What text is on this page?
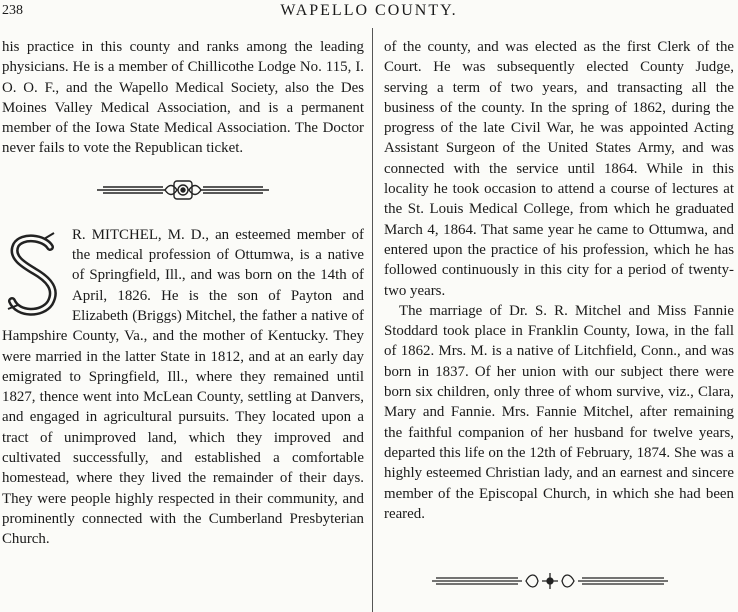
238	WAPELLO COUNTY.

his practice in this county and ranks among the leading physicians. He is a member of Chillicothe Lodge No. 115, I. O. O. F., and the Wapello Medical Society, also the Des Moines Valley Medical Association, and is a permanent member of the Iowa State Medical Association. The Doctor never fails to vote the Republican ticket.

R. MITCHEL, M. D., an esteemed member of the medical profession of Ottumwa, is a native of Springfield, Ill., and was born on the 14th of April, 1826. He is the son of Payton and Elizabeth (Briggs) Mitchel, the father a native of Hampshire County, Va., and the mother of Kentucky. They were married in the latter State in 1812, and at an early day emigrated to Springfield, Ill., where they remained until 1827, thence went into McLean County, settling at Danvers, and engaged in agricultural pursuits. They located upon a tract of unimproved land, which they improved and cultivated successfully, and established a comfortable homestead, where they lived the remainder of their days. They were people highly respected in their community, and prominently connected with the Cumberland Presbyterian Church.

of the county, and was elected as the first Clerk of the Court. He was subsequently elected County Judge, serving a term of two years, and transacting all the business of the county. In the spring of 1862, during the progress of the late Civil War, he was appointed Acting Assistant Surgeon of the United States Army, and was connected with the service until 1864. While in this locality he took occasion to attend a course of lectures at the St. Louis Medical College, from which he graduated March 4, 1864. That same year he came to Ottumwa, and entered upon the practice of his profession, which he has followed continuously in this city for a period of twenty-two years.

The marriage of Dr. S. R. Mitchel and Miss Fannie Stoddard took place in Franklin County, Iowa, in the fall of 1862. Mrs. M. is a native of Litchfield, Conn., and was born in 1837. Of her union with our subject there were born six children, only three of whom survive, viz., Clara, Mary and Fannie. Mrs. Fannie Mitchel, after remaining the faithful companion of her husband for twelve years, departed this life on the 12th of February, 1874. She was a highly esteemed Christian lady, and an earnest and sincere member of the Episcopal Church, in which she had been reared.
